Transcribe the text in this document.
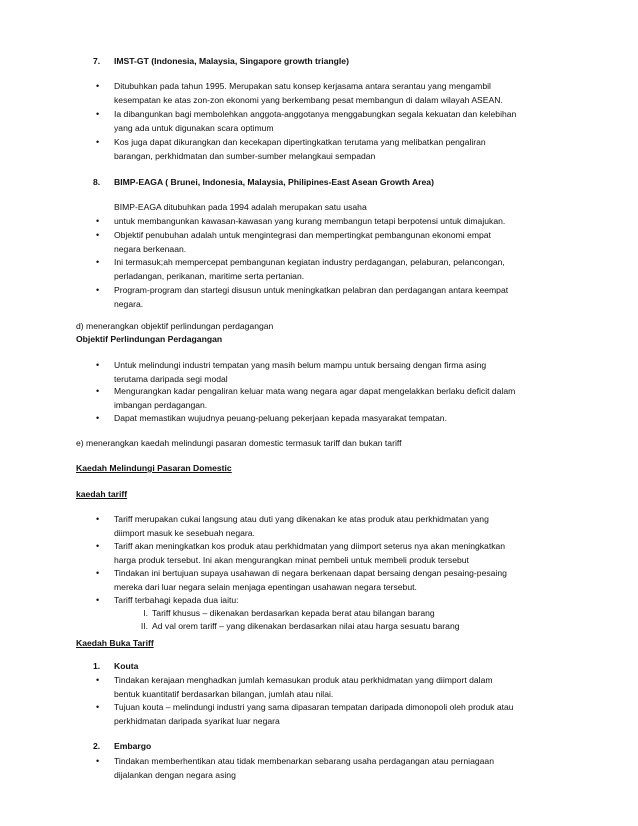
7. IMST-GT (Indonesia, Malaysia, Singapore growth triangle)
• Ditubuhkan pada tahun 1995. Merupakan satu konsep kerjasama antara serantau yang mengambil
kesempatan ke atas zon-zon ekonomi yang berkembang pesat membangun di dalam wilayah ASEAN.
• Ia dibangunkan bagi membolehkan anggota-anggotanya menggabungkan segala kekuatan dan kelebihan
yang ada untuk digunakan scara optimum
• Kos juga dapat dikurangkan dan kecekapan dipertingkatkan terutama yang melibatkan pengaliran
barangan, perkhidmatan dan sumber-sumber melangkaui sempadan
8. BIMP-EAGA ( Brunei, Indonesia, Malaysia, Philipines-East Asean Growth Area)
BIMP-EAGA ditubuhkan pada 1994 adalah merupakan satu usaha
• untuk membangunkan kawasan-kawasan yang kurang membangun tetapi berpotensi untuk dimajukan.
• Objektif penubuhan adalah untuk mengintegrasi dan mempertingkat pembangunan ekonomi empat
negara berkenaan.
• Ini termasuk;ah mempercepat pembangunan kegiatan industry perdagangan, pelaburan, pelancongan,
perladangan, perikanan, maritime serta pertanian.
• Program-program dan startegi disusun untuk meningkatkan pelabran dan perdagangan antara keempat
negara.
d) menerangkan objektif perlindungan perdagangan
Objektif Perlindungan Perdagangan
• Untuk melindungi industri tempatan yang masih belum mampu untuk bersaing dengan firma asing
terutama daripada segi modal
• Mengurangkan kadar pengaliran keluar mata wang negara agar dapat mengelakkan berlaku deficit dalam
imbangan perdagangan.
• Dapat memastikan wujudnya peuang-peluang pekerjaan kepada masyarakat tempatan.
e) menerangkan kaedah melindungi pasaran domestic termasuk tariff dan bukan tariff
Kaedah Melindungi Pasaran Domestic
kaedah tariff
• Tariff merupakan cukai langsung atau duti yang dikenakan ke atas produk atau perkhidmatan yang
diimport masuk ke sesebuah negara.
• Tariff akan meningkatkan kos produk atau perkhidmatan yang diimport seterus nya akan meningkatkan
harga produk tersebut. Ini akan mengurangkan minat pembeli untuk membeli produk tersebut
• Tindakan ini bertujuan supaya usahawan di negara berkenaan dapat bersaing dengan pesaing-pesaing
mereka dari luar negara selain menjaga epentingan usahawan negara tersebut.
• Tariff terbahagi kepada dua iaitu:
I. Tariff khusus – dikenakan berdasarkan kepada berat atau bilangan barang
II. Ad val orem tariff – yang dikenakan berdasarkan nilai atau harga sesuatu barang
Kaedah Buka Tariff
1. Kouta
• Tindakan kerajaan menghadkan jumlah kemasukan produk atau perkhidmatan yang diimport dalam
bentuk kuantitatif berdasarkan bilangan, jumlah atau nilai.
• Tujuan kouta – melindungi industri yang sama dipasaran tempatan daripada dimonopoli oleh produk atau
perkhidmatan daripada syarikat luar negara
2. Embargo
• Tindakan memberhentikan atau tidak membenarkan sebarang usaha perdagangan atau perniagaan
dijalankan dengan negara asing
